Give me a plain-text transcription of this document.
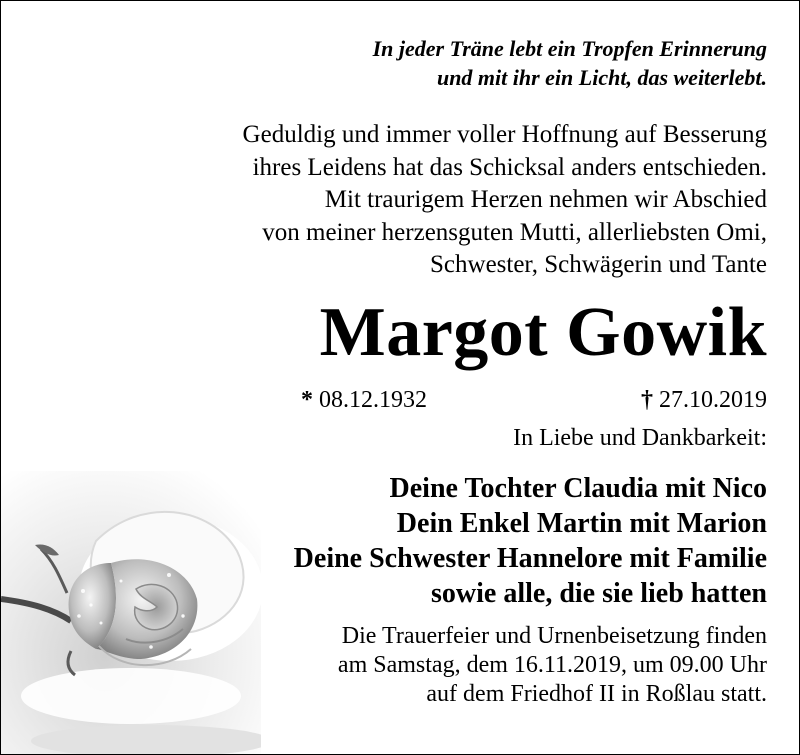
In jeder Träne lebt ein Tropfen Erinnerung
und mit ihr ein Licht, das weiterlebt.
Geduldig und immer voller Hoffnung auf Besserung
ihres Leidens hat das Schicksal anders entschieden.
Mit traurigem Herzen nehmen wir Abschied
von meiner herzensguten Mutti, allerliebsten Omi,
Schwester, Schwägerin und Tante
Margot Gowik
* 08.12.1932	† 27.10.2019
In Liebe und Dankbarkeit:
Deine Tochter Claudia mit Nico
Dein Enkel Martin mit Marion
Deine Schwester Hannelore mit Familie
sowie alle, die sie lieb hatten
Die Trauerfeier und Urnenbeisetzung finden
am Samstag, dem 16.11.2019, um 09.00 Uhr
auf dem Friedhof II in Roßlau statt.
